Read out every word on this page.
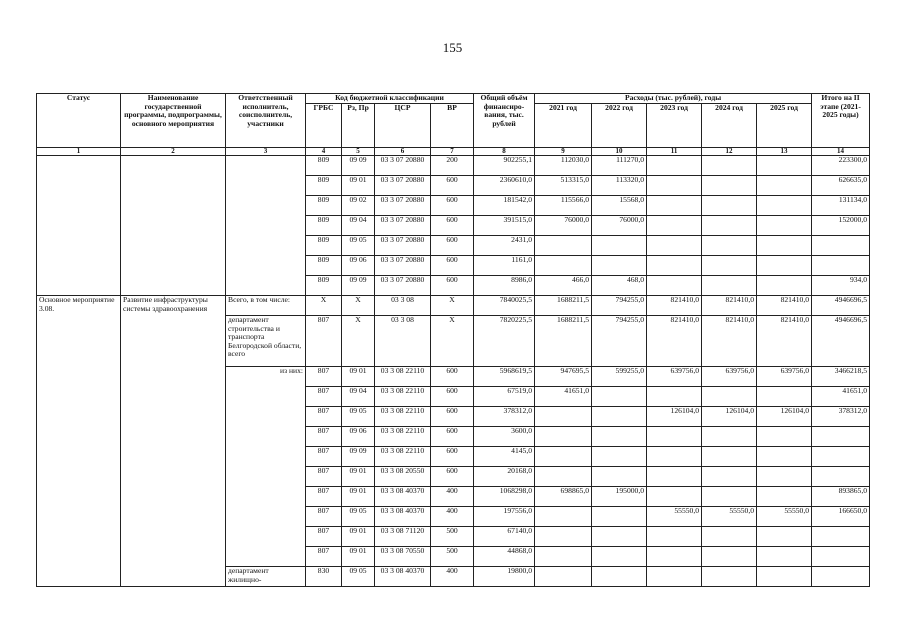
155
Статус	Наименование государственной программы, подпрограммы, основного мероприятия	Ответственный исполнитель, соисполнитель, участники	Код бюджетной классификации				Общий объём финансиро-вания, тыс. рублей	Расходы (тыс. рублей), годы					Итого на II этапе (2021-2025 годы)
			ГРБС	Рз, Пр	ЦСР	ВР		2021 год	2022 год	2023 год	2024 год	2025 год	
1	2	3	4	5	6	7	8	9	10	11	12	13	14
			809	09 09	03 3 07 20880	200	902255,1	112030,0	111270,0				223300,0
			809	09 01	03 3 07 20880	600	2360610,0	513315,0	113320,0				626635,0
			809	09 02	03 3 07 20880	600	181542,0	115566,0	15568,0				131134,0
			809	09 04	03 3 07 20880	600	391515,0	76000,0	76000,0				152000,0
			809	09 05	03 3 07 20880	600	2431,0						
			809	09 06	03 3 07 20880	600	1161,0						
			809	09 09	03 3 07 20880	600	8986,0	466,0	468,0				934,0
Основное мероприятие 3.08.	Развитие инфраструктуры системы здравоохранения	Всего, в том числе:	X	X	03 3 08	X	7840025,5	1688211,5	794255,0	821410,0	821410,0	821410,0	4946696,5
		департамент строительства и транспорта Белгородской области, всего	807	X	03 3 08	X	7820225,5	1688211,5	794255,0	821410,0	821410,0	821410,0	4946696,5
		из них:	807	09 01	03 3 08 22110	600	5968619,5	947695,5	599255,0	639756,0	639756,0	639756,0	3466218,5
			807	09 04	03 3 08 22110	600	67519,0	41651,0					41651,0
			807	09 05	03 3 08 22110	600	378312,0			126104,0	126104,0	126104,0	378312,0
			807	09 06	03 3 08 22110	600	3600,0						
			807	09 09	03 3 08 22110	600	4145,0						
			807	09 01	03 3 08 20550	600	20168,0						
			807	09 01	03 3 08 40370	400	1068298,0	698865,0	195000,0				893865,0
			807	09 05	03 3 08 40370	400	197556,0			55550,0	55550,0	55550,0	166650,0
			807	09 01	03 3 08 71120	500	67140,0						
			807	09 01	03 3 08 70550	500	44868,0						
		департамент жилищно-	830	09 05	03 3 08 40370	400	19800,0						
